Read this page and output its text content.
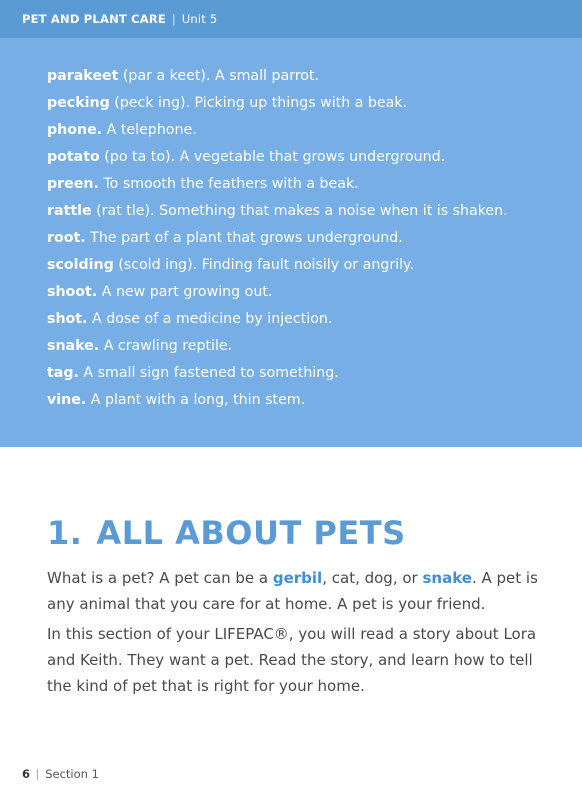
PET AND PLANT CARE | Unit 5
parakeet (par a keet). A small parrot.
pecking (peck ing). Picking up things with a beak.
phone. A telephone.
potato (po ta to). A vegetable that grows underground.
preen. To smooth the feathers with a beak.
rattle (rat tle). Something that makes a noise when it is shaken.
root. The part of a plant that grows underground.
scolding (scold ing). Finding fault noisily or angrily.
shoot. A new part growing out.
shot. A dose of a medicine by injection.
snake. A crawling reptile.
tag. A small sign fastened to something.
vine. A plant with a long, thin stem.
1. ALL ABOUT PETS

What is a pet? A pet can be a gerbil, cat, dog, or snake. A pet is any animal that you care for at home. A pet is your friend.

In this section of your LIFEPAC®, you will read a story about Lora and Keith. They want a pet. Read the story, and learn how to tell the kind of pet that is right for your home.

6 | Section 1
